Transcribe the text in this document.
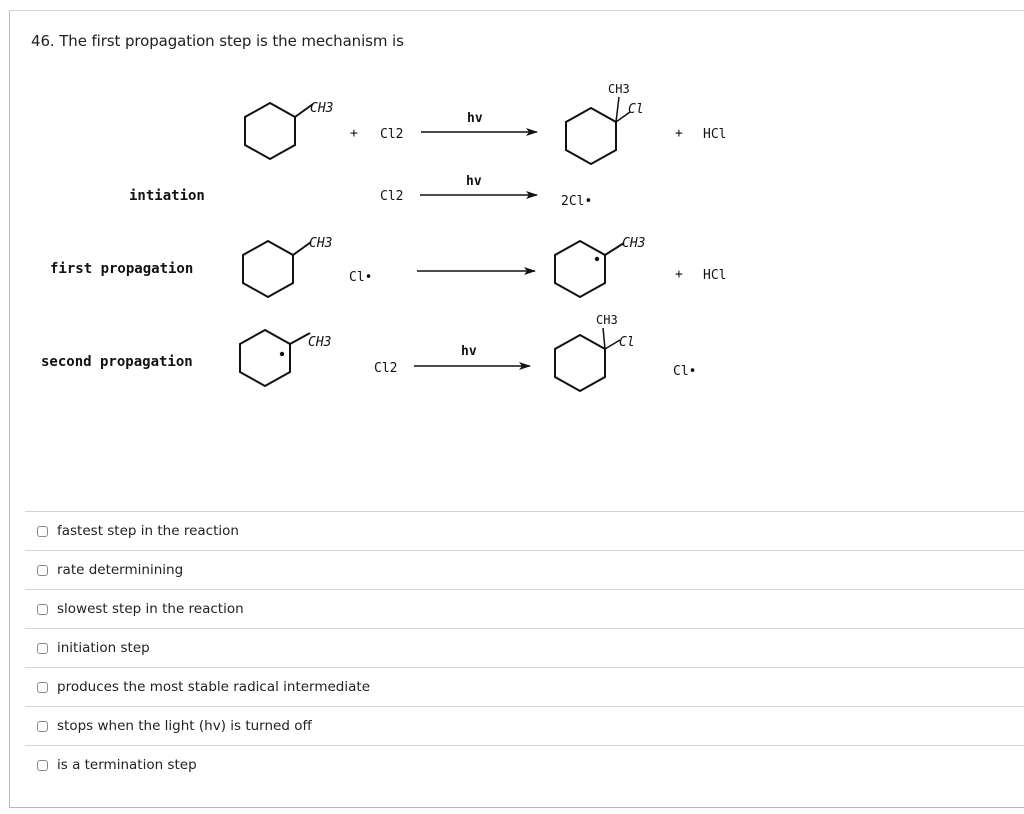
46. The first propagation step is the mechanism is
CH3
+ Cl2
hv
CH3
Cl
+ HCl
intiation	Cl2
hv
2Cl•
first propagation
CH3
Cl•
CH3
+ HCl
second propagation
CH3
Cl2
hv
CH3
Cl
Cl•
fastest step in the reaction
rate determinining
slowest step in the reaction
initiation step
produces the most stable radical intermediate
stops when the light (hv) is turned off
is a termination step
